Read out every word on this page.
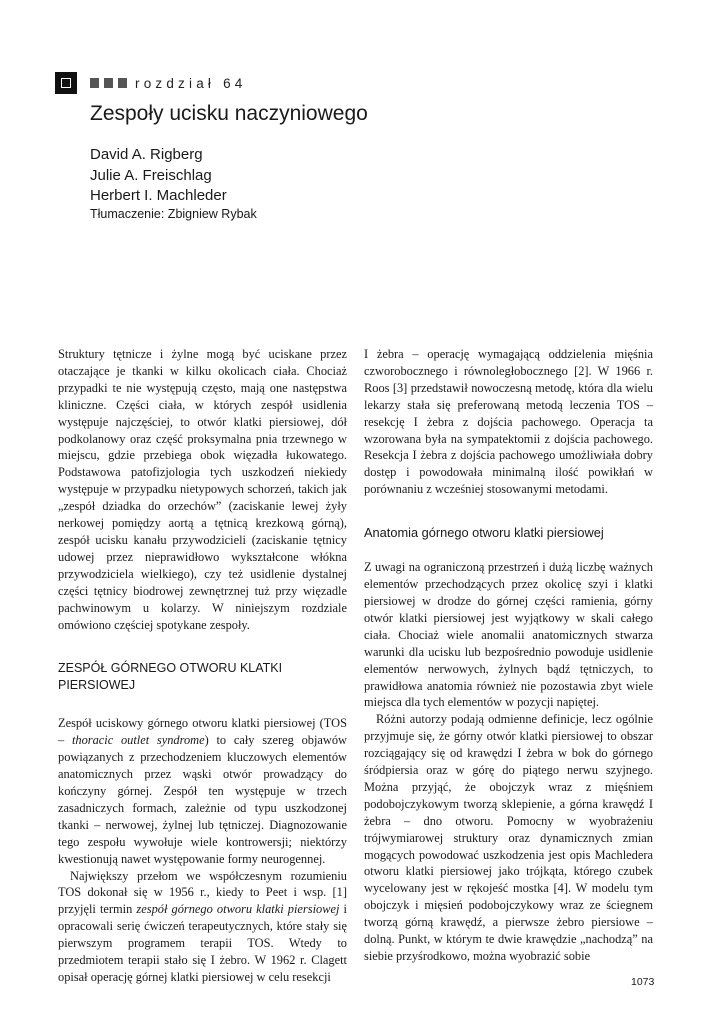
rozdział 64
Zespoły ucisku naczyniowego
David A. Rigberg
Julie A. Freischlag
Herbert I. Machleder
Tłumaczenie: Zbigniew Rybak

Struktury tętnicze i żylne mogą być uciskane przez otaczające je tkanki w kilku okolicach ciała. Chociaż przypadki te nie występują często, mają one następstwa kliniczne. Części ciała, w których zespół usidlenia występuje najczęściej, to otwór klatki piersiowej, dół podkolanowy oraz część proksymalna pnia trzewnego w miejscu, gdzie przebiega obok więzadła łukowatego. Podstawowa patofizjologia tych uszkodzeń niekiedy występuje w przypadku nietypowych schorzeń, takich jak „zespół dziadka do orzechów” (zaciskanie lewej żyły nerkowej pomiędzy aortą a tętnicą krezkową górną), zespół ucisku kanału przywodzicieli (zaciskanie tętnicy udowej przez nieprawidłowo wykształcone włókna przywodziciela wielkiego), czy też usidlenie dystalnej części tętnicy biodrowej zewnętrznej tuż przy więzadle pachwinowym u kolarzy. W niniejszym rozdziale omówiono częściej spotykane zespoły.

ZESPÓŁ GÓRNEGO OTWORU KLATKI PIERSIOWEJ

Zespół uciskowy górnego otworu klatki piersiowej (TOS – thoracic outlet syndrome) to cały szereg objawów powiązanych z przechodzeniem kluczowych elementów anatomicznych przez wąski otwór prowadzący do kończyny górnej. Zespół ten występuje w trzech zasadniczych formach, zależnie od typu uszkodzonej tkanki – nerwowej, żylnej lub tętniczej. Diagnozowanie tego zespołu wywołuje wiele kontrowersji; niektórzy kwestionują nawet występowanie formy neurogennej.

Największy przełom we współczesnym rozumieniu TOS dokonał się w 1956 r., kiedy to Peet i wsp. [1] przyjęli termin zespół górnego otworu klatki piersiowej i opracowali serię ćwiczeń terapeutycznych, które stały się pierwszym programem terapii TOS. Wtedy to przedmiotem terapii stało się I żebro. W 1962 r. Clagett opisał operację górnej klatki piersiowej w celu resekcji

I żebra – operację wymagającą oddzielenia mięśnia czworobocznego i równoległobocznego [2]. W 1966 r. Roos [3] przedstawił nowoczesną metodę, która dla wielu lekarzy stała się preferowaną metodą leczenia TOS – resekcję I żebra z dojścia pachowego. Operacja ta wzorowana była na sympatektomii z dojścia pachowego. Resekcja I żebra z dojścia pachowego umożliwiała dobry dostęp i powodowała minimalną ilość powikłań w porównaniu z wcześniej stosowanymi metodami.

Anatomia górnego otworu klatki piersiowej

Z uwagi na ograniczoną przestrzeń i dużą liczbę ważnych elementów przechodzących przez okolicę szyi i klatki piersiowej w drodze do górnej części ramienia, górny otwór klatki piersiowej jest wyjątkowy w skali całego ciała. Chociaż wiele anomalii anatomicznych stwarza warunki dla ucisku lub bezpośrednio powoduje usidlenie elementów nerwowych, żylnych bądź tętniczych, to prawidłowa anatomia również nie pozostawia zbyt wiele miejsca dla tych elementów w pozycji napiętej.

Różni autorzy podają odmienne definicje, lecz ogólnie przyjmuje się, że górny otwór klatki piersiowej to obszar rozciągający się od krawędzi I żebra w bok do górnego śródpiersia oraz w górę do piątego nerwu szyjnego. Można przyjąć, że obojczyk wraz z mięśniem podobojczykowym tworzą sklepienie, a górna krawędź I żebra – dno otworu. Pomocny w wyobrażeniu trójwymiarowej struktury oraz dynamicznych zmian mogących powodować uszkodzenia jest opis Machledera otworu klatki piersiowej jako trójkąta, którego czubek wycelowany jest w rękojeść mostka [4]. W modelu tym obojczyk i mięsień podobojczykowy wraz ze ściegnem tworzą górną krawędź, a pierwsze żebro piersiowe – dolną. Punkt, w którym te dwie krawędzie „nachodzą” na siebie przyśrodkowo, można wyobrazić sobie

1073
